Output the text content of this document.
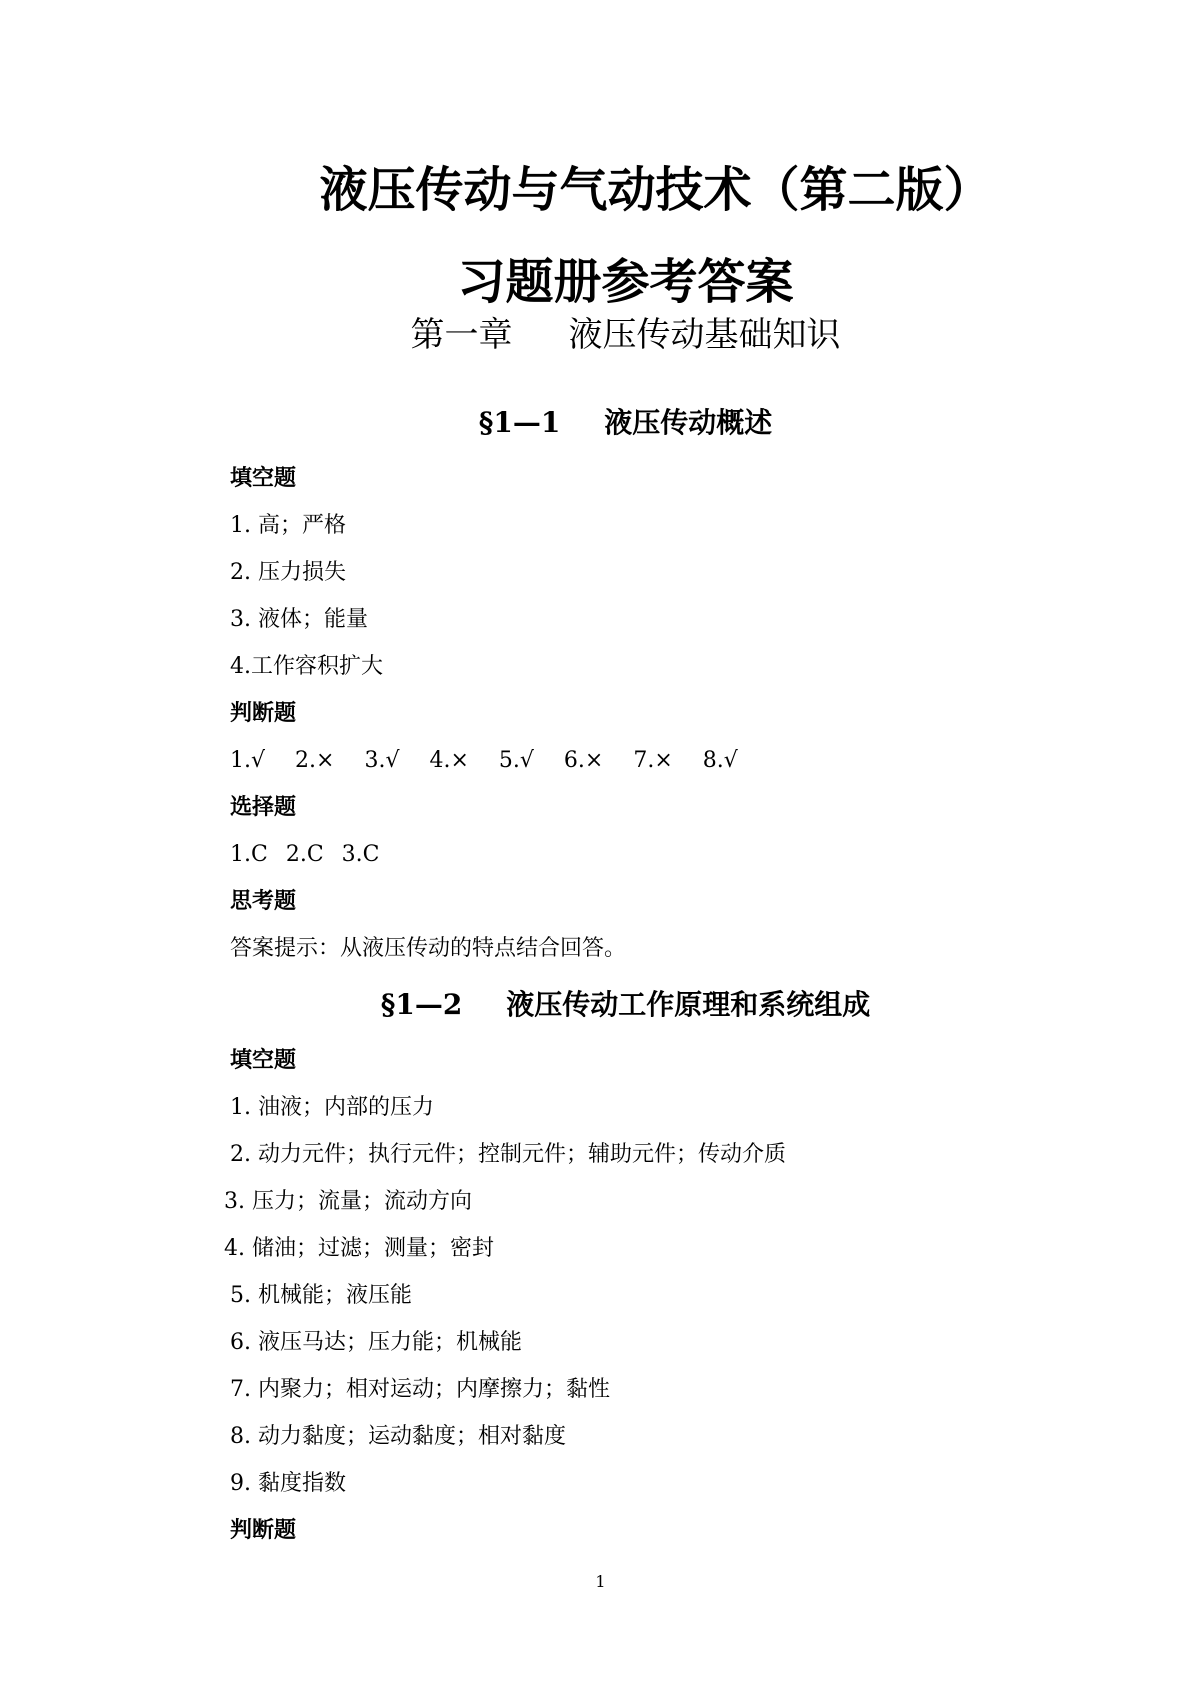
液压传动与气动技术（第二版）
习题册参考答案
第一章 液压传动基础知识
§1—1 液压传动概述
填空题
1. 高；严格
2. 压力损失
3. 液体；能量
4.工作容积扩大
判断题
1.√ 2.× 3.√ 4.× 5.√ 6.× 7.× 8.√
选择题
1.C 2.C 3.C
思考题
答案提示：从液压传动的特点结合回答。
§1—2 液压传动工作原理和系统组成
填空题
1. 油液；内部的压力
2. 动力元件；执行元件；控制元件；辅助元件；传动介质
3. 压力；流量；流动方向
4. 储油；过滤；测量；密封
5. 机械能；液压能
6. 液压马达；压力能；机械能
7. 内聚力；相对运动；内摩擦力；黏性
8. 动力黏度；运动黏度；相对黏度
9. 黏度指数
判断题
1
